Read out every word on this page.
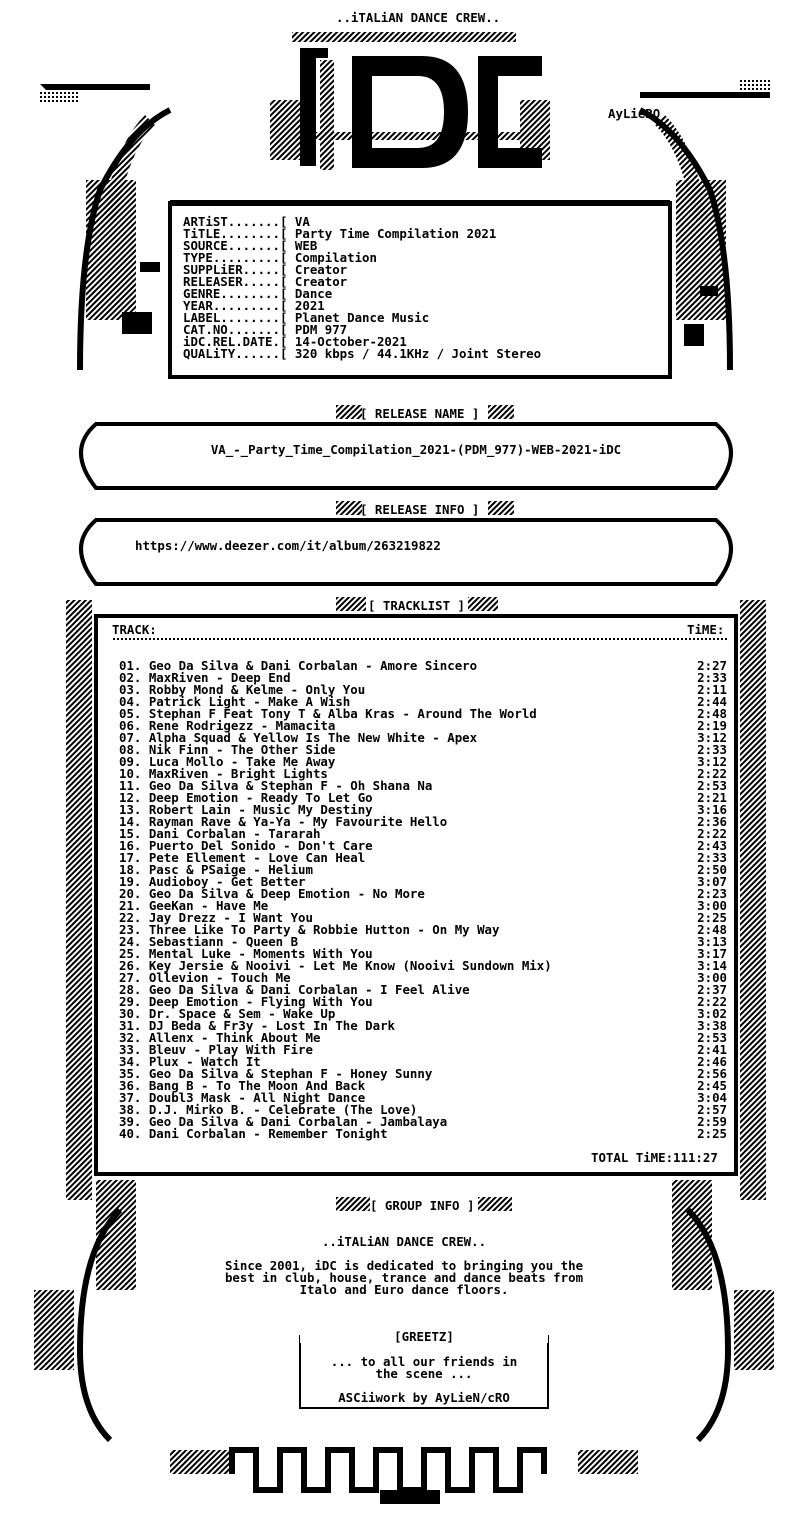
..iTALiAN DANCE CREW..
AyLieRO
ARTiST.......[ VA
TiTLE........[ Party Time Compilation 2021
SOURCE.......[ WEB
TYPE.........[ Compilation
SUPPLiER.....[ Creator
RELEASER.....[ Creator
GENRE........[ Dance
YEAR.........[ 2021
LABEL........[ Planet Dance Music
CAT.NO.......[ PDM 977
iDC.REL.DATE.[ 14-October-2021
QUALiTY......[ 320 kbps / 44.1KHz / Joint Stereo
[ RELEASE NAME ]
VA_-_Party_Time_Compilation_2021-(PDM_977)-WEB-2021-iDC
[ RELEASE INFO ]
https://www.deezer.com/it/album/263219822
[ TRACKLIST ]
TRACK:	TiME:
01. Geo Da Silva & Dani Corbalan - Amore Sincero	2:27
02. MaxRiven - Deep End	2:33
03. Robby Mond & Kelme - Only You	2:11
04. Patrick Light - Make A Wish	2:44
05. Stephan F Feat Tony T & Alba Kras - Around The World	2:48
06. Rene Rodrigezz - Mamacita	2:19
07. Alpha Squad & Yellow Is The New White - Apex	3:12
08. Nik Finn - The Other Side	2:33
09. Luca Mollo - Take Me Away	3:12
10. MaxRiven - Bright Lights	2:22
11. Geo Da Silva & Stephan F - Oh Shana Na	2:53
12. Deep Emotion - Ready To Let Go	2:21
13. Robert Lain - Music My Destiny	3:16
14. Rayman Rave & Ya-Ya - My Favourite Hello	2:36
15. Dani Corbalan - Tararah	2:22
16. Puerto Del Sonido - Don't Care	2:43
17. Pete Ellement - Love Can Heal	2:33
18. Pasc & PSaige - Helium	2:50
19. Audioboy - Get Better	3:07
20. Geo Da Silva & Deep Emotion - No More	2:23
21. GeeKan - Have Me	3:00
22. Jay Drezz - I Want You	2:25
23. Three Like To Party & Robbie Hutton - On My Way	2:48
24. Sebastiann - Queen B	3:13
25. Mental Luke - Moments With You	3:17
26. Key Jersie & Nooivi - Let Me Know (Nooivi Sundown Mix)	3:14
27. Ollevion - Touch Me	3:00
28. Geo Da Silva & Dani Corbalan - I Feel Alive	2:37
29. Deep Emotion - Flying With You	2:22
30. Dr. Space & Sem - Wake Up	3:02
31. DJ Beda & Fr3y - Lost In The Dark	3:38
32. Allenx - Think About Me	2:53
33. Bleuv - Play With Fire	2:41
34. Plux - Watch It	2:46
35. Geo Da Silva & Stephan F - Honey Sunny	2:56
36. Bang B - To The Moon And Back	2:45
37. Doubl3 Mask - All Night Dance	3:04
38. D.J. Mirko B. - Celebrate (The Love)	2:57
39. Geo Da Silva & Dani Corbalan - Jambalaya	2:59
40. Dani Corbalan - Remember Tonight	2:25
TOTAL TiME:111:27
[ GROUP INFO ]
..iTALiAN DANCE CREW..
Since 2001, iDC is dedicated to bringing you the
best in club, house, trance and dance beats from
Italo and Euro dance floors.
[GREETZ]
... to all our friends in
the scene ...
ASCiiwork by AyLieN/cRO
